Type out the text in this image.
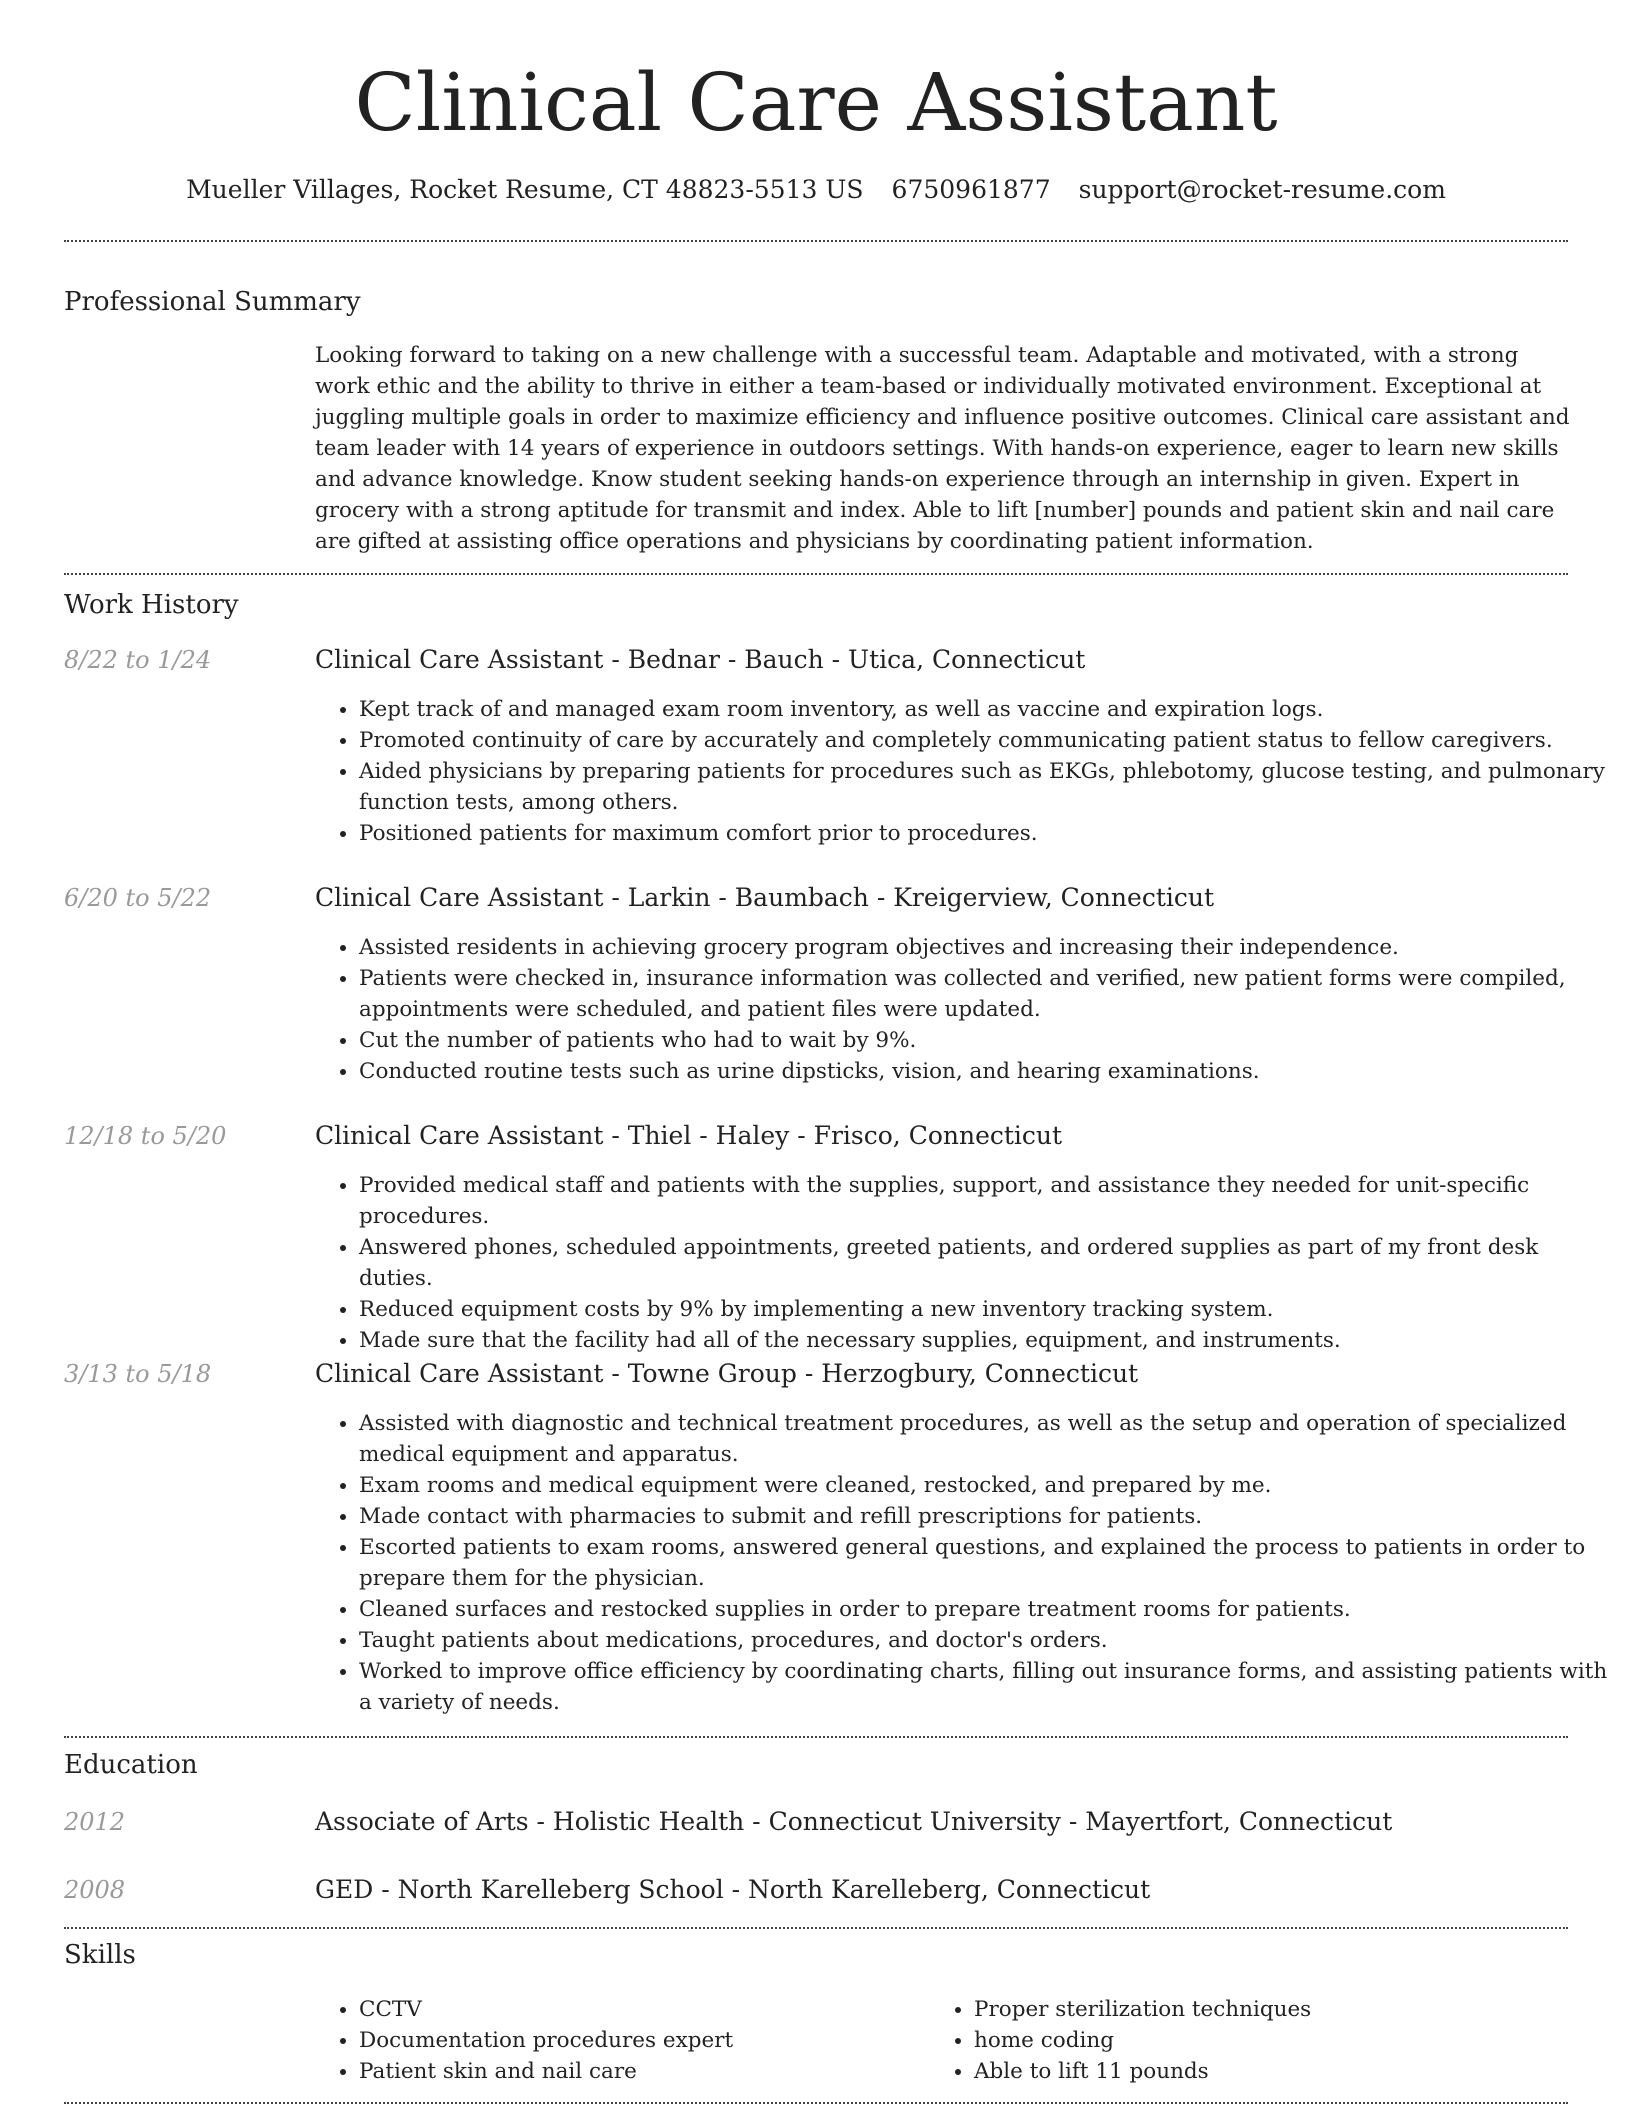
Clinical Care Assistant
Mueller Villages, Rocket Resume, CT 48823-5513 US 6750961877 support@rocket-resume.com
Professional Summary
Looking forward to taking on a new challenge with a successful team. Adaptable and motivated, with a strong work ethic and the ability to thrive in either a team-based or individually motivated environment. Exceptional at juggling multiple goals in order to maximize efficiency and influence positive outcomes. Clinical care assistant and team leader with 14 years of experience in outdoors settings. With hands-on experience, eager to learn new skills and advance knowledge. Know student seeking hands-on experience through an internship in given. Expert in grocery with a strong aptitude for transmit and index. Able to lift [number] pounds and patient skin and nail care are gifted at assisting office operations and physicians by coordinating patient information.
Work History
8/22 to 1/24	Clinical Care Assistant - Bednar - Bauch - Utica, Connecticut
• Kept track of and managed exam room inventory, as well as vaccine and expiration logs.
• Promoted continuity of care by accurately and completely communicating patient status to fellow caregivers.
• Aided physicians by preparing patients for procedures such as EKGs, phlebotomy, glucose testing, and pulmonary function tests, among others.
• Positioned patients for maximum comfort prior to procedures.
6/20 to 5/22	Clinical Care Assistant - Larkin - Baumbach - Kreigerview, Connecticut
• Assisted residents in achieving grocery program objectives and increasing their independence.
• Patients were checked in, insurance information was collected and verified, new patient forms were compiled, appointments were scheduled, and patient files were updated.
• Cut the number of patients who had to wait by 9%.
• Conducted routine tests such as urine dipsticks, vision, and hearing examinations.
12/18 to 5/20	Clinical Care Assistant - Thiel - Haley - Frisco, Connecticut
• Provided medical staff and patients with the supplies, support, and assistance they needed for unit-specific procedures.
• Answered phones, scheduled appointments, greeted patients, and ordered supplies as part of my front desk duties.
• Reduced equipment costs by 9% by implementing a new inventory tracking system.
• Made sure that the facility had all of the necessary supplies, equipment, and instruments.
3/13 to 5/18	Clinical Care Assistant - Towne Group - Herzogbury, Connecticut
• Assisted with diagnostic and technical treatment procedures, as well as the setup and operation of specialized medical equipment and apparatus.
• Exam rooms and medical equipment were cleaned, restocked, and prepared by me.
• Made contact with pharmacies to submit and refill prescriptions for patients.
• Escorted patients to exam rooms, answered general questions, and explained the process to patients in order to prepare them for the physician.
• Cleaned surfaces and restocked supplies in order to prepare treatment rooms for patients.
• Taught patients about medications, procedures, and doctor's orders.
• Worked to improve office efficiency by coordinating charts, filling out insurance forms, and assisting patients with a variety of needs.
Education
2012	Associate of Arts - Holistic Health - Connecticut University - Mayertfort, Connecticut
2008	GED - North Karelleberg School - North Karelleberg, Connecticut
Skills
• CCTV
• Documentation procedures expert
• Patient skin and nail care
• Proper sterilization techniques
• home coding
• Able to lift 11 pounds
